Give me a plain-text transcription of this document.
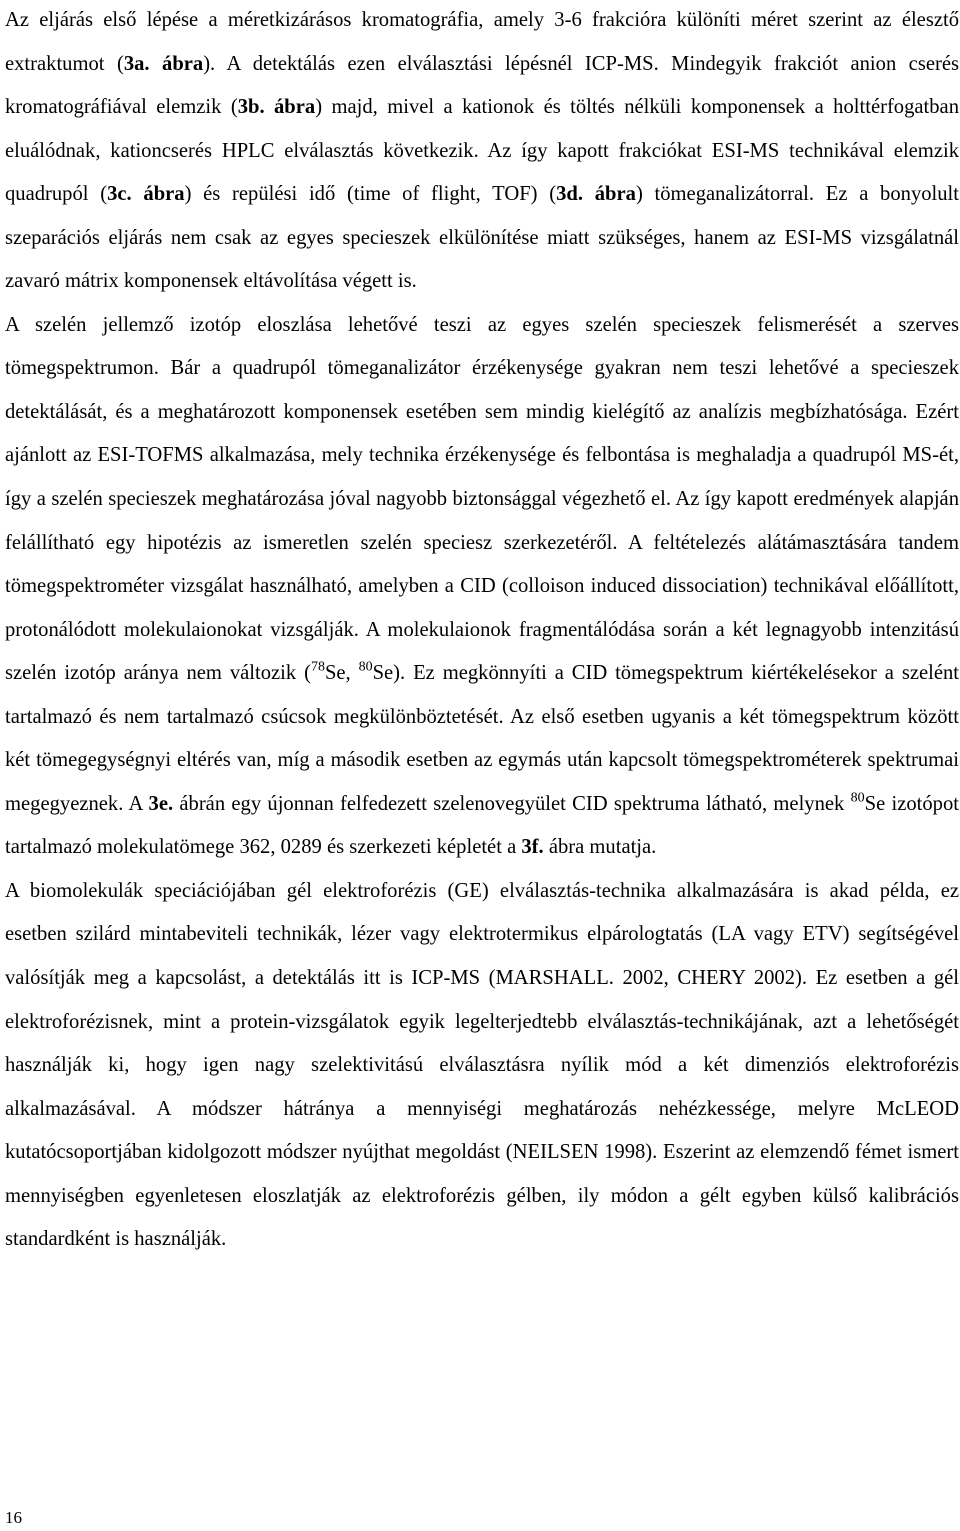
Az eljárás első lépése a méretkizárásos kromatográfia, amely 3-6 frakcióra különíti méret szerint az élesztő extraktumot (3a. ábra). A detektálás ezen elválasztási lépésnél ICP-MS. Mindegyik frakciót anion cserés kromatográfiával elemzik (3b. ábra) majd, mivel a kationok és töltés nélküli komponensek a holttérfogatban eluálódnak, kationcserés HPLC elválasztás következik. Az így kapott frakciókat ESI-MS technikával elemzik quadrupól (3c. ábra) és repülési idő (time of flight, TOF) (3d. ábra) tömeganalizátorral. Ez a bonyolult szeparációs eljárás nem csak az egyes specieszek elkülönítése miatt szükséges, hanem az ESI-MS vizsgálatnál zavaró mátrix komponensek eltávolítása végett is.

A szelén jellemző izotóp eloszlása lehetővé teszi az egyes szelén specieszek felismerését a szerves tömegspektrumon. Bár a quadrupól tömeganalizátor érzékenysége gyakran nem teszi lehetővé a specieszek detektálását, és a meghatározott komponensek esetében sem mindig kielégítő az analízis megbízhatósága. Ezért ajánlott az ESI-TOFMS alkalmazása, mely technika érzékenysége és felbontása is meghaladja a quadrupól MS-ét, így a szelén specieszek meghatározása jóval nagyobb biztonsággal végezhető el. Az így kapott eredmények alapján felállítható egy hipotézis az ismeretlen szelén speciesz szerkezetéről. A feltételezés alátámasztására tandem tömegspektrométer vizsgálat használható, amelyben a CID (colloison induced dissociation) technikával előállított, protonálódott molekulaionokat vizsgálják. A molekulaionok fragmentálódása során a két legnagyobb intenzitású szelén izotóp aránya nem változik ($^{78}$Se, $^{80}$Se). Ez megkönnyíti a CID tömegspektrum kiértékelésekor a szelént tartalmazó és nem tartalmazó csúcsok megkülönböztetését. Az első esetben ugyanis a két tömegspektrum között két tömegegységnyi eltérés van, míg a második esetben az egymás után kapcsolt tömegspektrométerek spektrumai megegyeznek. A 3e. ábrán egy újonnan felfedezett szelenovegyület CID spektruma látható, melynek $^{80}$Se izotópot tartalmazó molekulatömege 362, 0289 és szerkezeti képletét a 3f. ábra mutatja.

A biomolekulák speciációjában gél elektroforézis (GE) elválasztás-technika alkalmazására is akad példa, ez esetben szilárd mintabeviteli technikák, lézer vagy elektrotermikus elpárologtatás (LA vagy ETV) segítségével valósítják meg a kapcsolást, a detektálás itt is ICP-MS (MARSHALL. 2002, CHERY 2002). Ez esetben a gél elektroforézisnek, mint a protein-vizsgálatok egyik legelterjedtebb elválasztás-technikájának, azt a lehetőségét használják ki, hogy igen nagy szelektivitású elválasztásra nyílik mód a két dimenziós elektroforézis alkalmazásával. A módszer hátránya a mennyiségi meghatározás nehézkessége, melyre McLEOD kutatócsoportjában kidolgozott módszer nyújthat megoldást (NEILSEN 1998). Eszerint az elemzendő fémet ismert mennyiségben egyenletesen eloszlatják az elektroforézis gélben, ily módon a gélt egyben külső kalibrációs standardként is használják.

16
